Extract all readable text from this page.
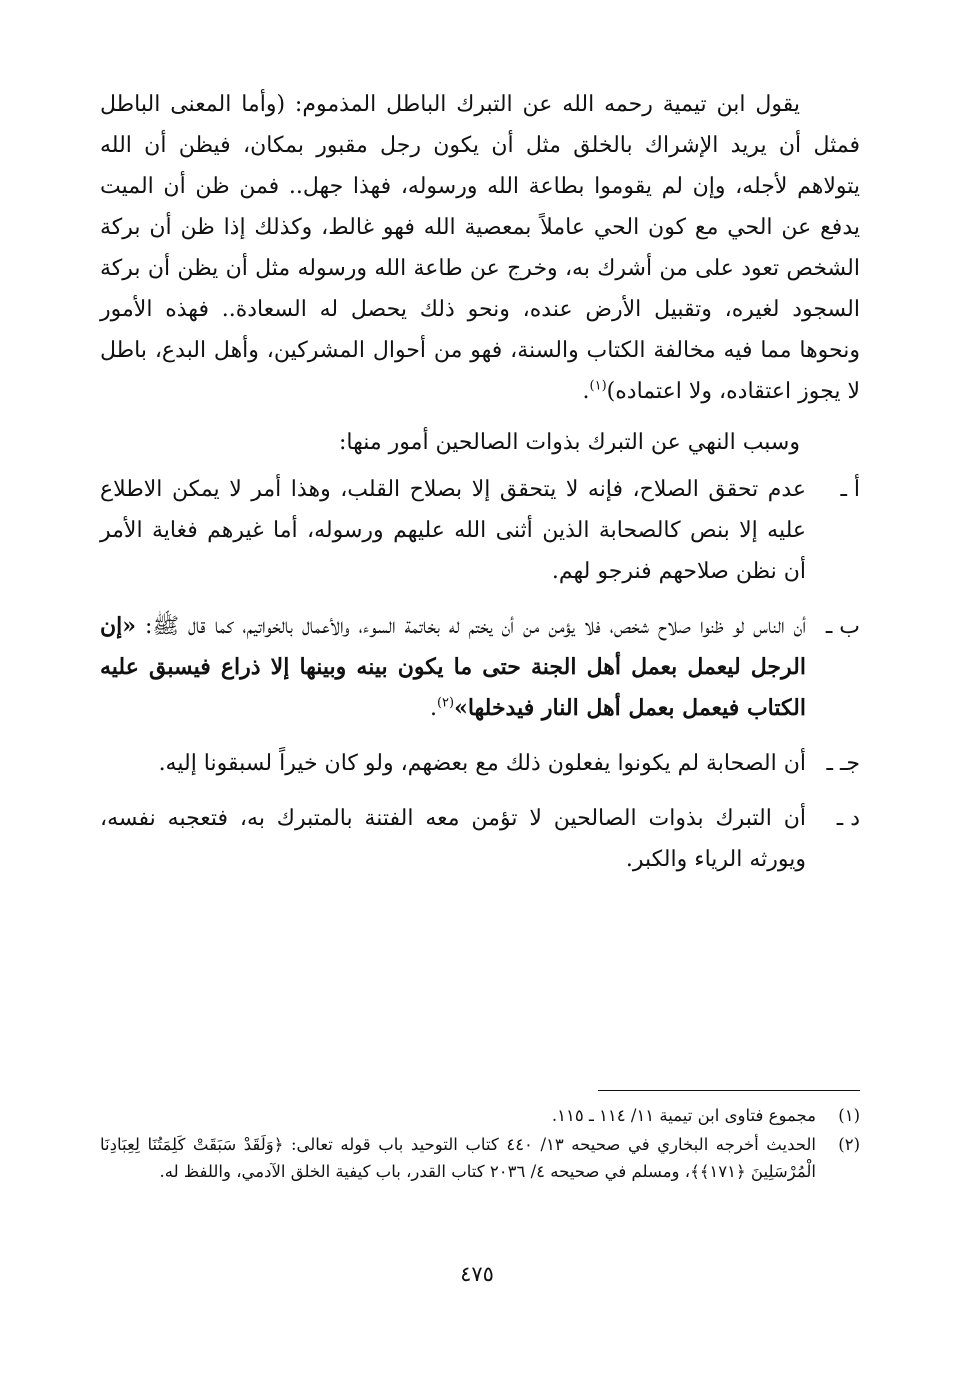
يقول ابن تيمية رحمه الله عن التبرك الباطل المذموم: (وأما المعنى الباطل فمثل أن يريد الإشراك بالخلق مثل أن يكون رجل مقبور بمكان، فيظن أن الله يتولاهم لأجله، وإن لم يقوموا بطاعة الله ورسوله، فهذا جهل.. فمن ظن أن الميت يدفع عن الحي مع كون الحي عاملاً بمعصية الله فهو غالط، وكذلك إذا ظن أن بركة الشخص تعود على من أشرك به، وخرج عن طاعة الله ورسوله مثل أن يظن أن بركة السجود لغيره، وتقبيل الأرض عنده، ونحو ذلك يحصل له السعادة.. فهذه الأمور ونحوها مما فيه مخالفة الكتاب والسنة، فهو من أحوال المشركين، وأهل البدع، باطل لا يجوز اعتقاده، ولا اعتماده)$^{(١)}$.

وسبب النهي عن التبرك بذوات الصالحين أمور منها:

أ ـ
عدم تحقق الصلاح، فإنه لا يتحقق إلا بصلاح القلب، وهذا أمر لا يمكن الاطلاع عليه إلا بنص كالصحابة الذين أثنى الله عليهم ورسوله، أما غيرهم فغاية الأمر أن نظن صلاحهم فنرجو لهم.
ب ـ
أن الناس لو ظنوا صلاح شخص، فلا يؤمن من أن يختم له بخاتمة السوء، والأعمال بالخواتيم، كما قال ﷺ: «إن الرجل ليعمل بعمل أهل الجنة حتى ما يكون بينه وبينها إلا ذراع فيسبق عليه الكتاب فيعمل بعمل أهل النار فيدخلها»$^{(٢)}$.
جـ ـ
أن الصحابة لم يكونوا يفعلون ذلك مع بعضهم، ولو كان خيراً لسبقونا إليه.
د ـ
أن التبرك بذوات الصالحين لا تؤمن معه الفتنة بالمتبرك به، فتعجبه نفسه، ويورثه الرياء والكبر.
(١)
مجموع فتاوى ابن تيمية ١١/ ١١٤ ـ ١١٥.
(٢)
الحديث أخرجه البخاري في صحيحه ١٣/ ٤٤٠ كتاب التوحيد باب قوله تعالى: ﴿وَلَقَدْ سَبَقَتْ كَلِمَتُنَا لِعِبَادِنَا الْمُرْسَلِينَ ﴿١٧١﴾﴾، ومسلم في صحيحه ٤/ ٢٠٣٦ كتاب القدر، باب كيفية الخلق الآدمي، واللفظ له.
٤٧٥
